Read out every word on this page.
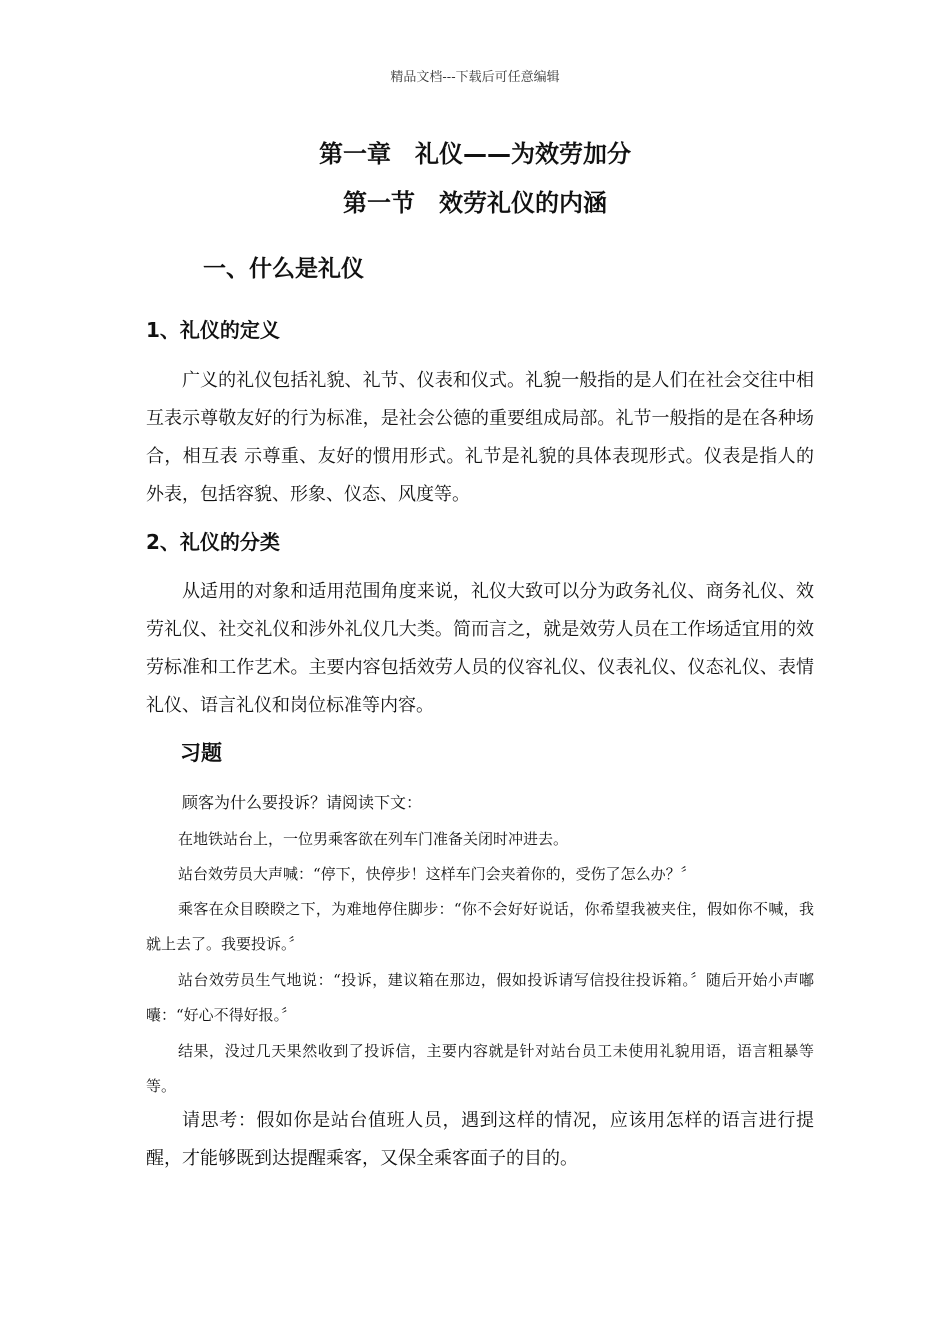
精品文档---下载后可任意编辑
第一章　礼仪——为效劳加分
第一节　效劳礼仪的内涵
一、什么是礼仪
1、礼仪的定义

广义的礼仪包括礼貌、礼节、仪表和仪式。礼貌一般指的是人们在社会交往中相互表示尊敬友好的行为标准，是社会公德的重要组成局部。礼节一般指的是在各种场合，相互表 示尊重、友好的惯用形式。礼节是礼貌的具体表现形式。仪表是指人的外表，包括容貌、形象、仪态、风度等。

2、礼仪的分类

从适用的对象和适用范围角度来说，礼仪大致可以分为政务礼仪、商务礼仪、效劳礼仪、社交礼仪和涉外礼仪几大类。简而言之，就是效劳人员在工作场适宜用的效劳标准和工作艺术。主要内容包括效劳人员的仪容礼仪、仪表礼仪、仪态礼仪、表情礼仪、语言礼仪和岗位标准等内容。

习题
顾客为什么要投诉？请阅读下文：

在地铁站台上，一位男乘客欲在列车门准备关闭时冲进去。

站台效劳员大声喊：“停下，快停步！这样车门会夹着你的，受伤了怎么办？〞

乘客在众目睽睽之下，为难地停住脚步：“你不会好好说话，你希望我被夹住，假如你不喊，我就上去了。我要投诉。〞

站台效劳员生气地说：“投诉，建议箱在那边，假如投诉请写信投往投诉箱。〞随后开始小声嘟囔：“好心不得好报。〞

结果，没过几天果然收到了投诉信，主要内容就是针对站台员工未使用礼貌用语，语言粗暴等等。

请思考：假如你是站台值班人员，遇到这样的情况，应该用怎样的语言进行提醒，才能够既到达提醒乘客，又保全乘客面子的目的。
